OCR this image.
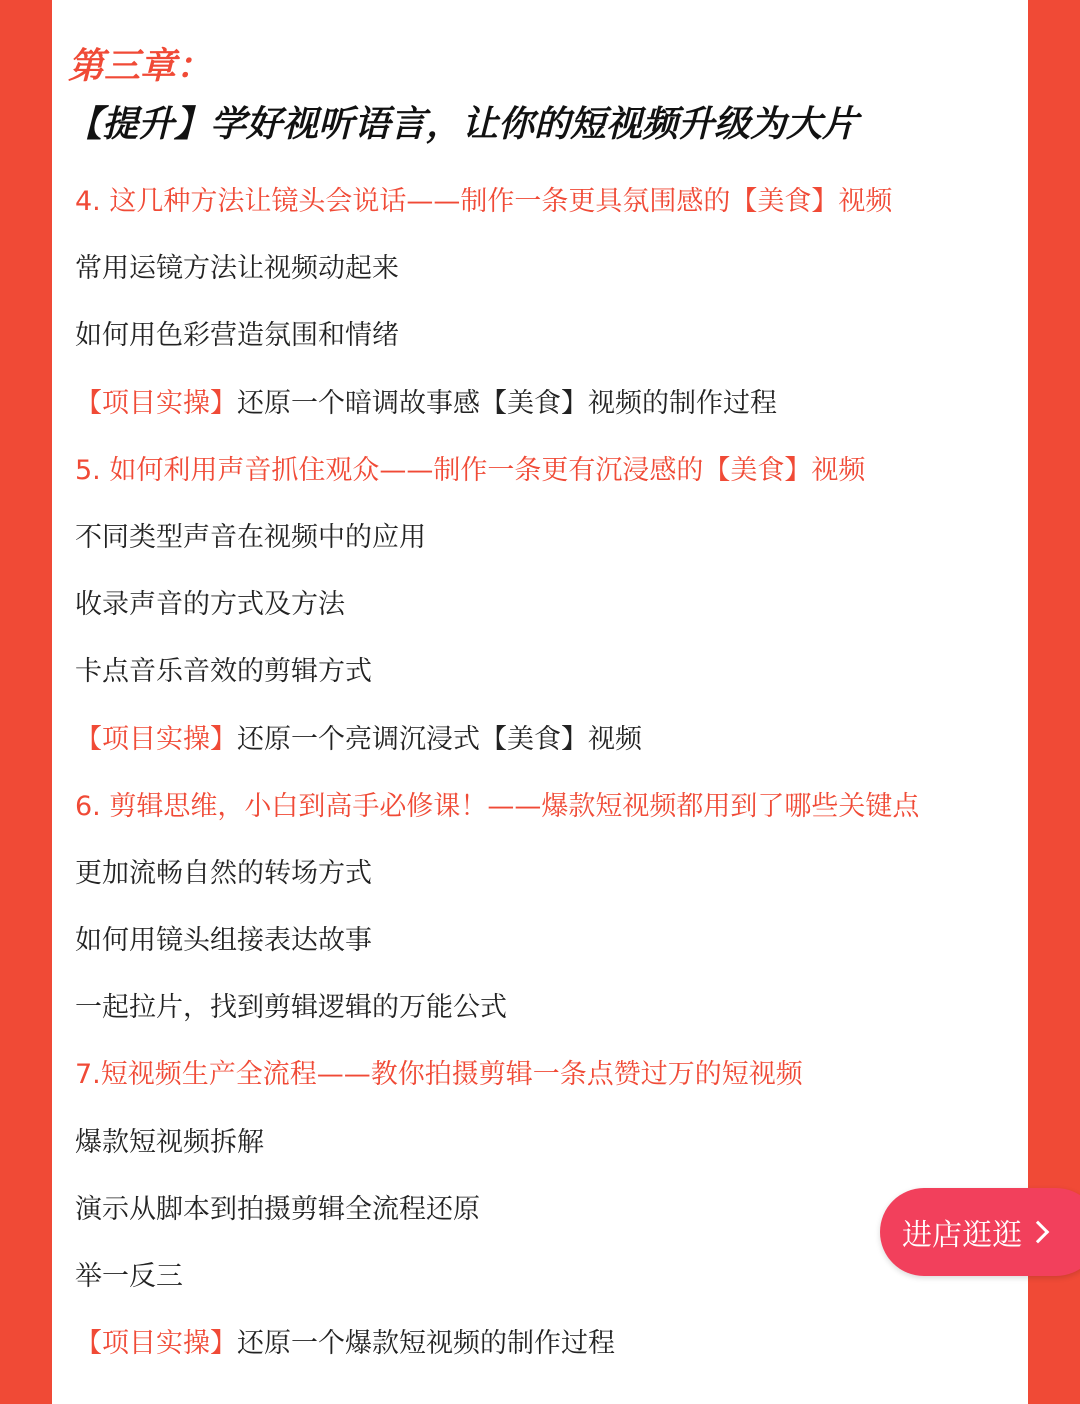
第三章：
【提升】学好视听语言，让你的短视频升级为大片
4. 这几种方法让镜头会说话——制作一条更具氛围感的【美食】视频
常用运镜方法让视频动起来
如何用色彩营造氛围和情绪
【项目实操】还原一个暗调故事感【美食】视频的制作过程
5. 如何利用声音抓住观众——制作一条更有沉浸感的【美食】视频
不同类型声音在视频中的应用
收录声音的方式及方法
卡点音乐音效的剪辑方式
【项目实操】还原一个亮调沉浸式【美食】视频
6. 剪辑思维，小白到高手必修课！——爆款短视频都用到了哪些关键点
更加流畅自然的转场方式
如何用镜头组接表达故事
一起拉片，找到剪辑逻辑的万能公式
7.短视频生产全流程——教你拍摄剪辑一条点赞过万的短视频
爆款短视频拆解
演示从脚本到拍摄剪辑全流程还原
举一反三
【项目实操】还原一个爆款短视频的制作过程
进店逛逛
